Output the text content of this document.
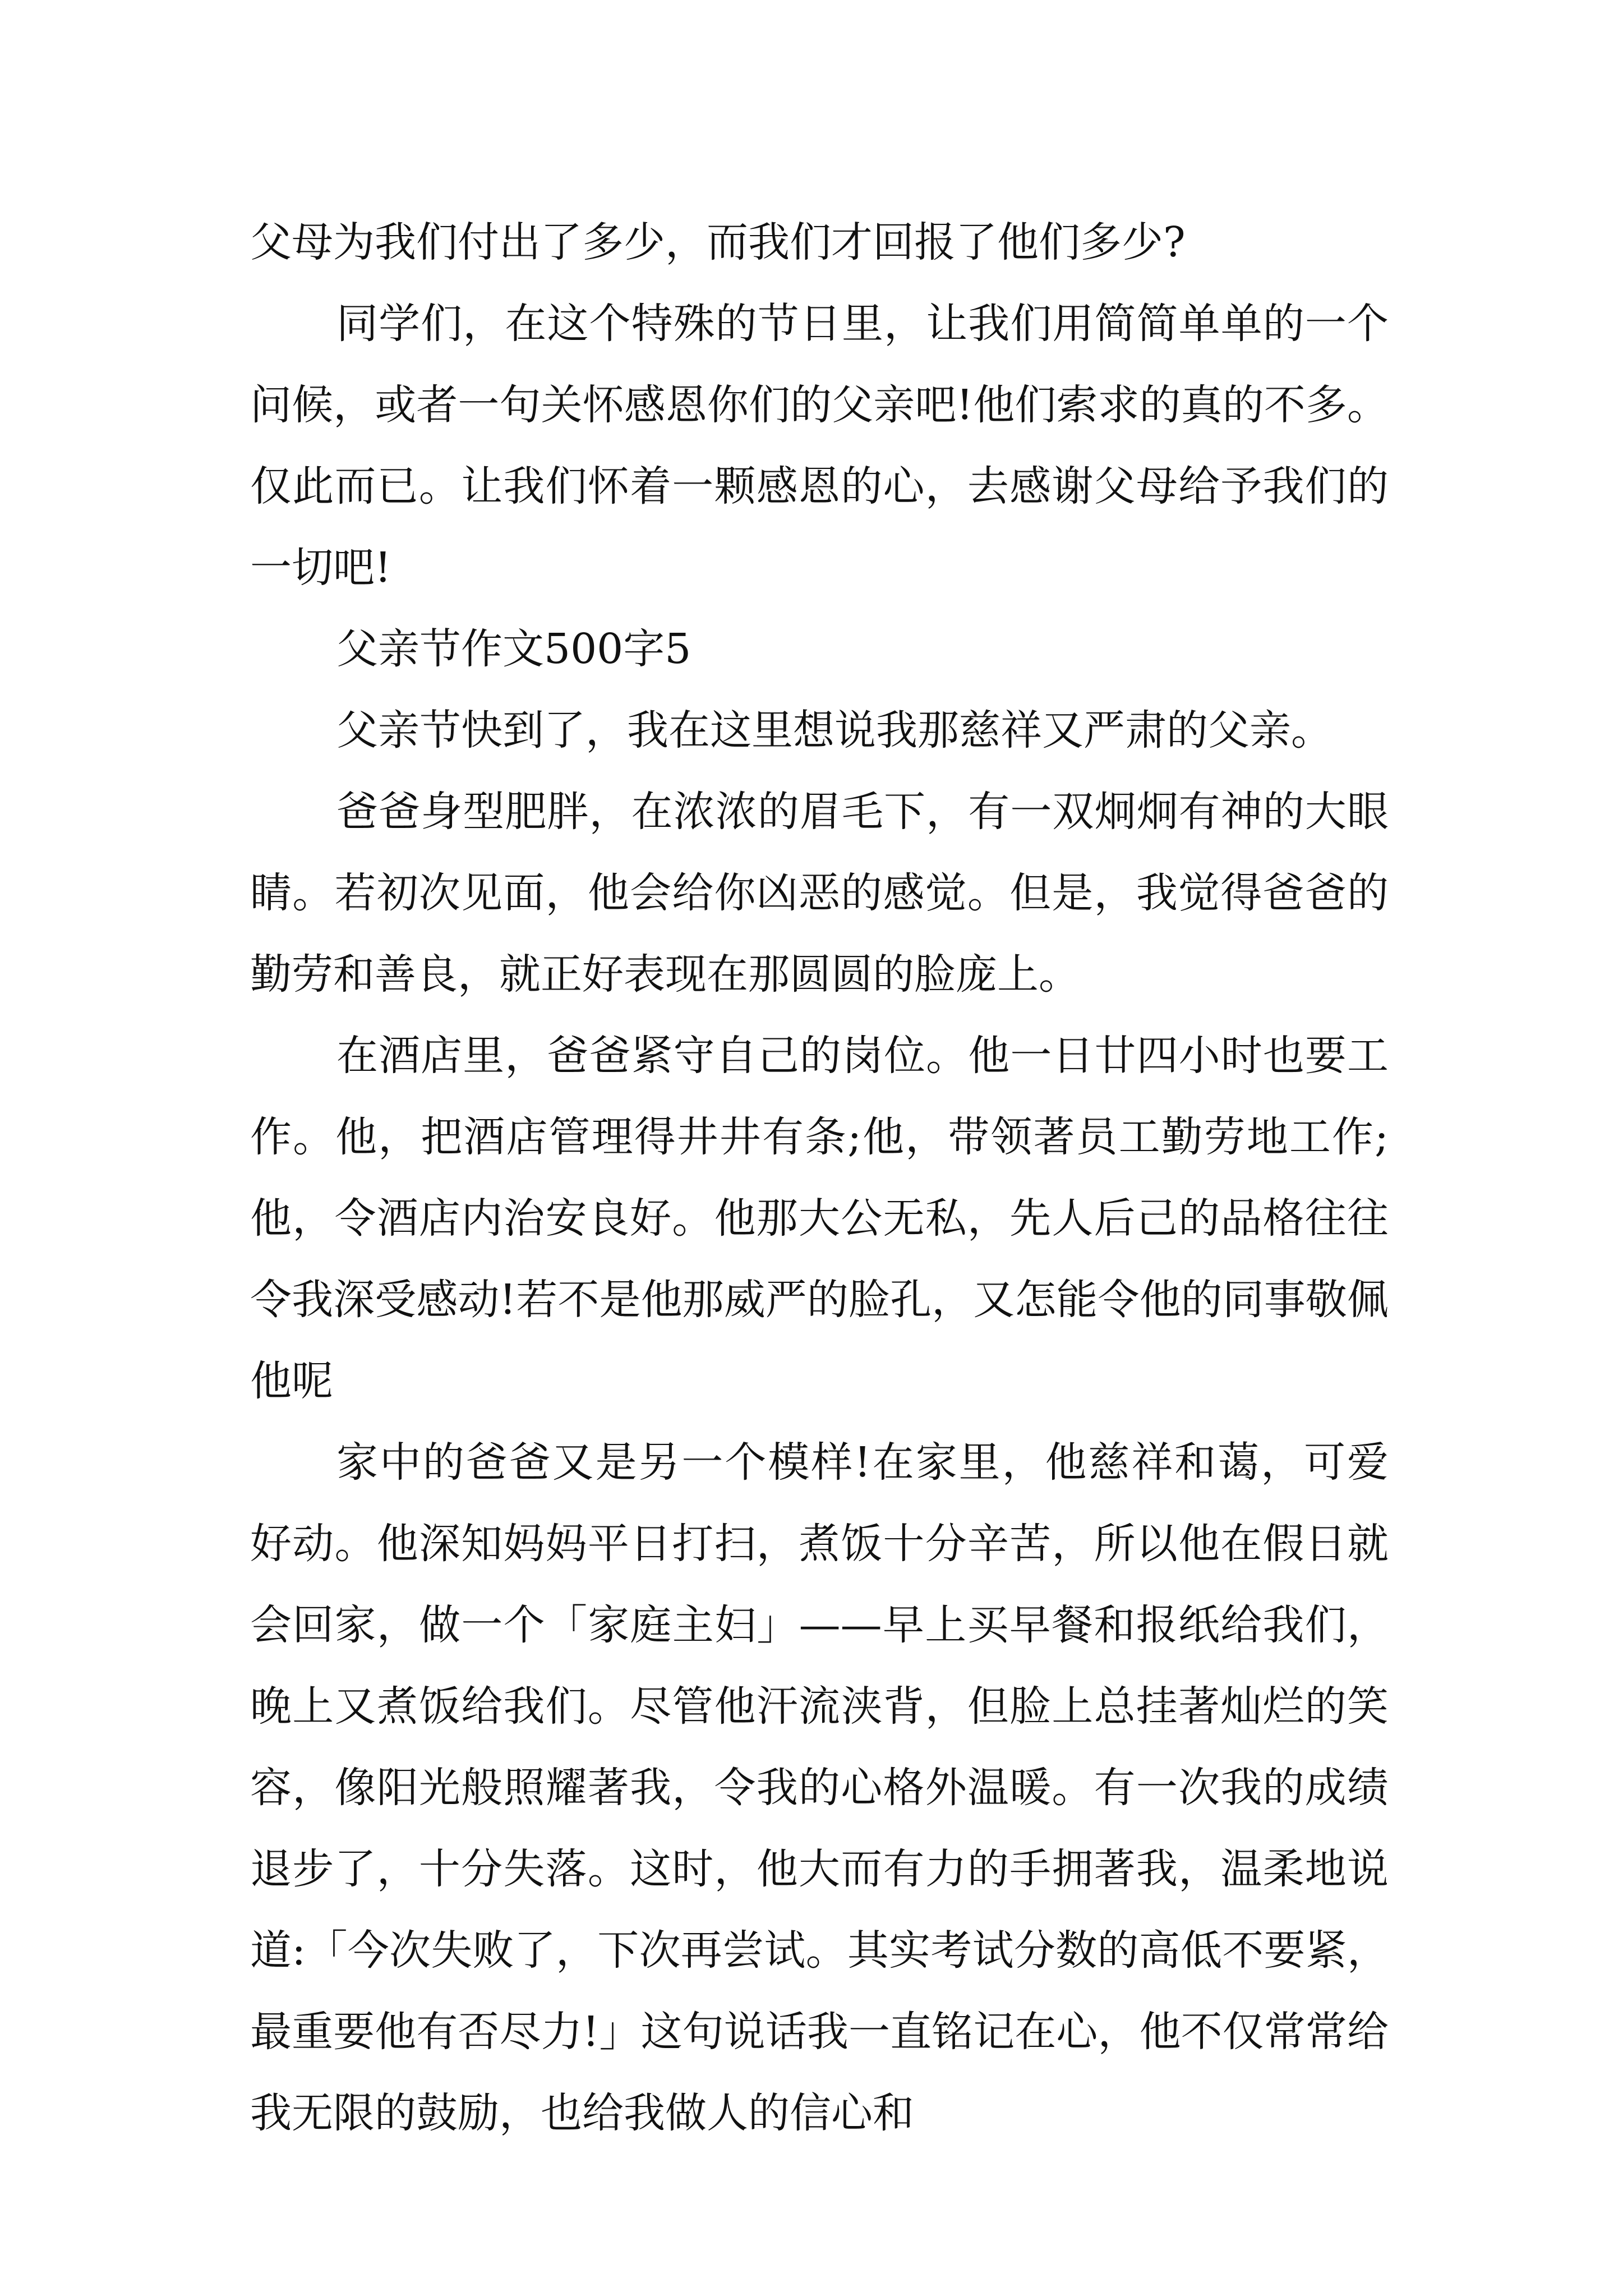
父母为我们付出了多少，而我们才回报了他们多少?

同学们，在这个特殊的节日里，让我们用简简单单的一个问候，或者一句关怀感恩你们的父亲吧!他们索求的真的不多。仅此而已。让我们怀着一颗感恩的心，去感谢父母给予我们的一切吧!

父亲节作文500字5

父亲节快到了，我在这里想说我那慈祥又严肃的父亲。

爸爸身型肥胖，在浓浓的眉毛下，有一双炯炯有神的大眼睛。若初次见面，他会给你凶恶的感觉。但是，我觉得爸爸的勤劳和善良，就正好表现在那圆圆的脸庞上。

在酒店里，爸爸紧守自己的岗位。他一日廿四小时也要工作。他，把酒店管理得井井有条;他，带领著员工勤劳地工作;他，令酒店内治安良好。他那大公无私，先人后己的品格往往令我深受感动!若不是他那威严的脸孔，又怎能令他的同事敬佩他呢

家中的爸爸又是另一个模样!在家里，他慈祥和蔼，可爱好动。他深知妈妈平日打扫，煮饭十分辛苦，所以他在假日就会回家，做一个「家庭主妇」——早上买早餐和报纸给我们，晚上又煮饭给我们。尽管他汗流浃背，但脸上总挂著灿烂的笑容，像阳光般照耀著我，令我的心格外温暖。有一次我的成绩退步了，十分失落。这时，他大而有力的手拥著我，温柔地说道:「今次失败了，下次再尝试。其实考试分数的高低不要紧，最重要他有否尽力!」这句说话我一直铭记在心，他不仅常常给我无限的鼓励，也给我做人的信心和
